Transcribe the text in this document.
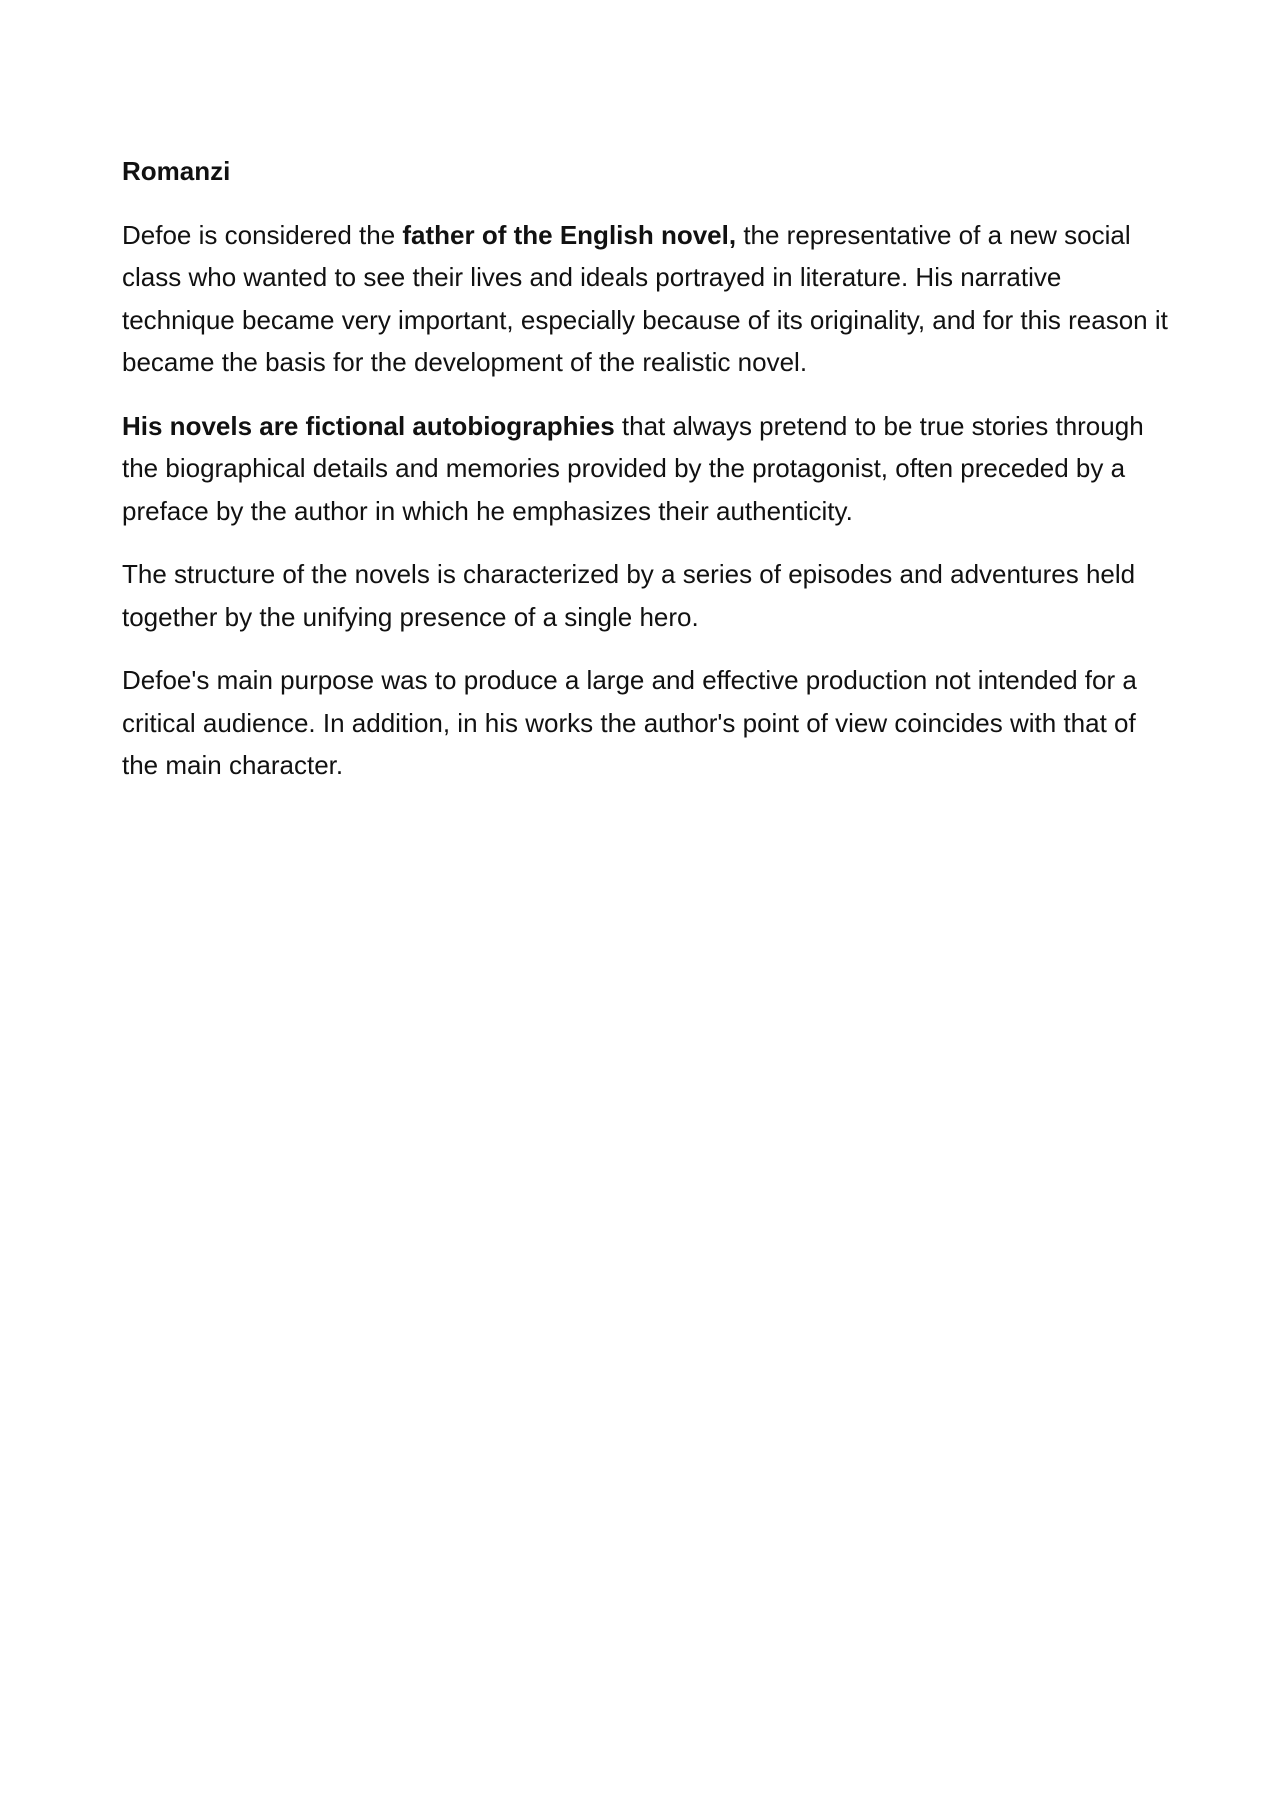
Romanzi

Defoe is considered the father of the English novel, the representative of a new social class who wanted to see their lives and ideals portrayed in literature. His narrative technique became very important, especially because of its originality, and for this reason it became the basis for the development of the realistic novel.

His novels are fictional autobiographies that always pretend to be true stories through the biographical details and memories provided by the protagonist, often preceded by a preface by the author in which he emphasizes their authenticity.

The structure of the novels is characterized by a series of episodes and adventures held together by the unifying presence of a single hero.

Defoe's main purpose was to produce a large and effective production not intended for a critical audience. In addition, in his works the author's point of view coincides with that of the main character.
